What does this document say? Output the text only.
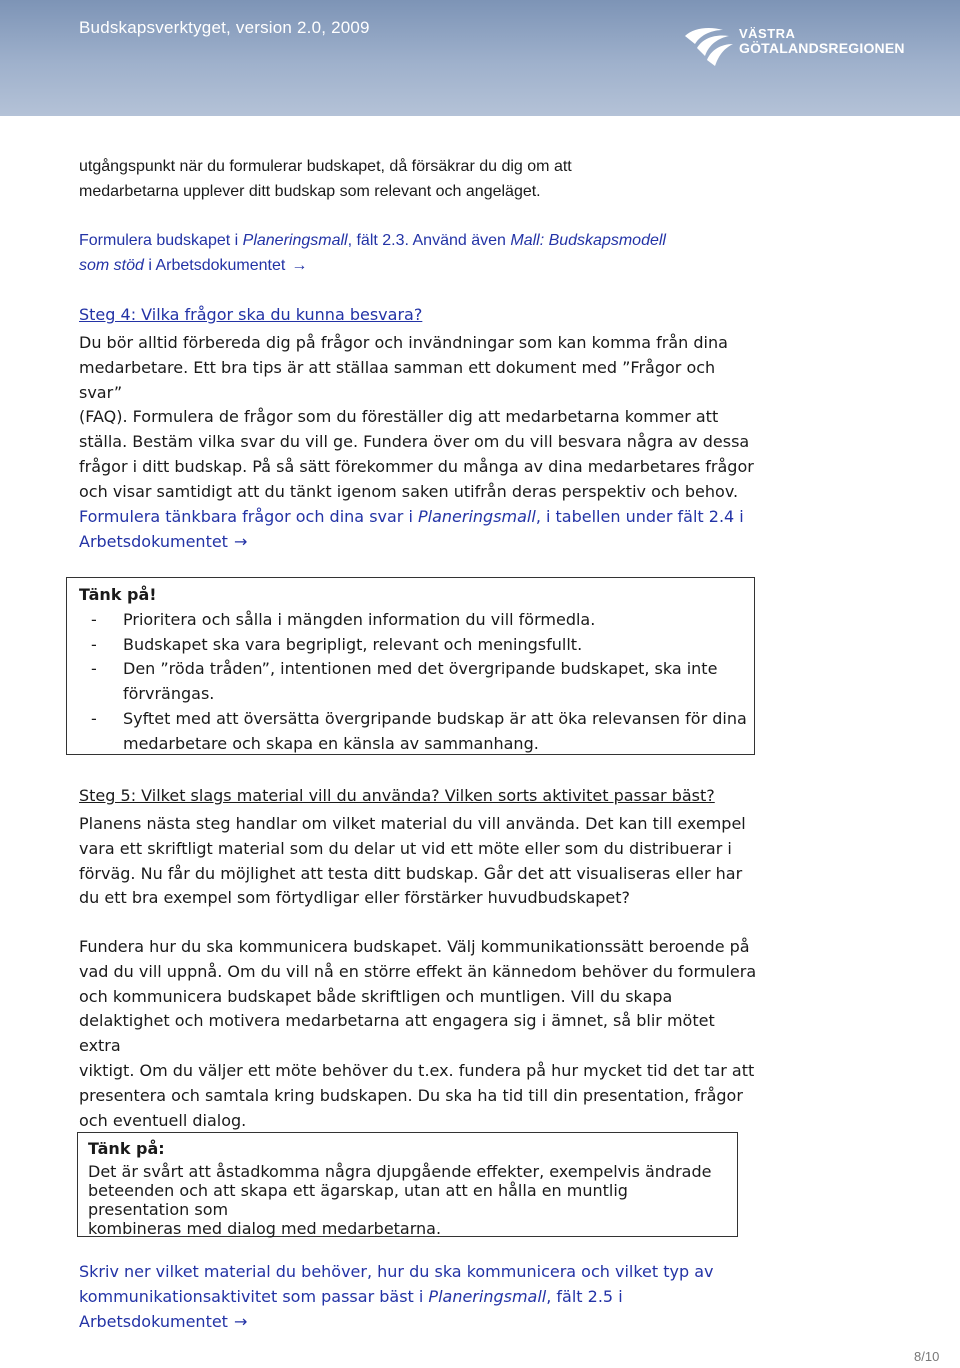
Budskapsverktyget, version 2.0, 2009	VÄSTRA
GÖTALANDSREGIONEN
utgångspunkt när du formulerar budskapet, då försäkrar du dig om att
medarbetarna upplever ditt budskap som relevant och angeläget.
Formulera budskapet i Planeringsmall, fält 2.3. Använd även Mall: Budskapsmodell
som stöd i Arbetsdokumentet →
Steg 4: Vilka frågor ska du kunna besvara?
Du bör alltid förbereda dig på frågor och invändningar som kan komma från dina
medarbetare. Ett bra tips är att ställaa samman ett dokument med ”Frågor och svar”
(FAQ). Formulera de frågor som du föreställer dig att medarbetarna kommer att
ställa. Bestäm vilka svar du vill ge. Fundera över om du vill besvara några av dessa
frågor i ditt budskap. På så sätt förekommer du många av dina medarbetares frågor
och visar samtidigt att du tänkt igenom saken utifrån deras perspektiv och behov.
Formulera tänkbara frågor och dina svar i Planeringsmall, i tabellen under fält 2.4 i
Arbetsdokumentet →
Tänk på!
- Prioritera och sålla i mängden information du vill förmedla.
- Budskapet ska vara begripligt, relevant och meningsfullt.
- Den ”röda tråden”, intentionen med det övergripande budskapet, ska inte
förvrängas.
- Syftet med att översätta övergripande budskap är att öka relevansen för dina
medarbetare och skapa en känsla av sammanhang.
Steg 5: Vilket slags material vill du använda? Vilken sorts aktivitet passar bäst?
Planens nästa steg handlar om vilket material du vill använda. Det kan till exempel
vara ett skriftligt material som du delar ut vid ett möte eller som du distribuerar i
förväg. Nu får du möjlighet att testa ditt budskap. Går det att visualiseras eller har
du ett bra exempel som förtydligar eller förstärker huvudbudskapet?
Fundera hur du ska kommunicera budskapet. Välj kommunikationssätt beroende på
vad du vill uppnå. Om du vill nå en större effekt än kännedom behöver du formulera
och kommunicera budskapet både skriftligen och muntligen. Vill du skapa
delaktighet och motivera medarbetarna att engagera sig i ämnet, så blir mötet extra
viktigt. Om du väljer ett möte behöver du t.ex. fundera på hur mycket tid det tar att
presentera och samtala kring budskapen. Du ska ha tid till din presentation, frågor
och eventuell dialog.
Tänk på:
Det är svårt att åstadkomma några djupgående effekter, exempelvis ändrade
beteenden och att skapa ett ägarskap, utan att en hålla en muntlig presentation som
kombineras med dialog med medarbetarna.
Skriv ner vilket material du behöver, hur du ska kommunicera och vilket typ av
kommunikationsaktivitet som passar bäst i Planeringsmall, fält 2.5 i
Arbetsdokumentet →
8/10
